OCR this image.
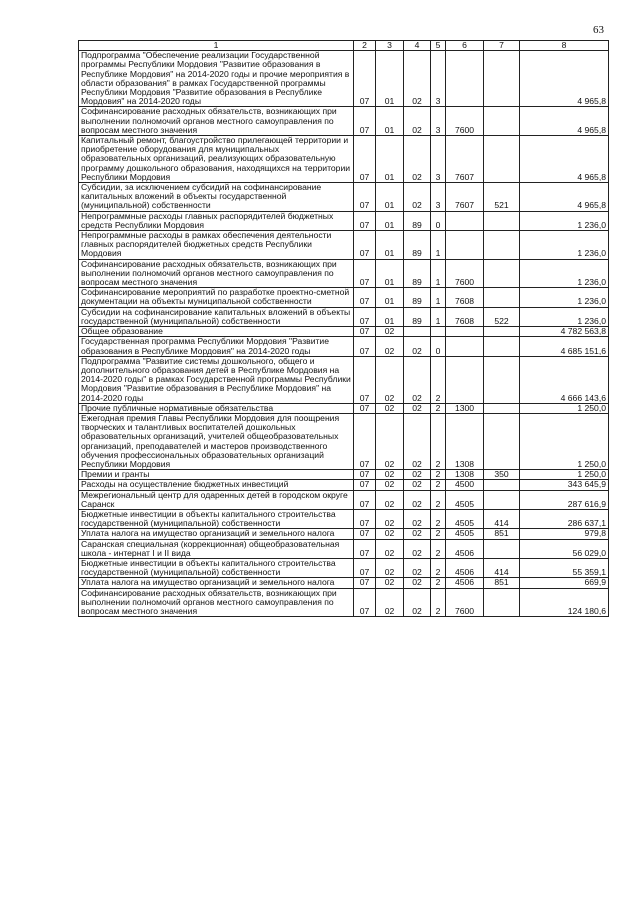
63
1	2	3	4	5	6	7	8
Подпрограмма "Обеспечение реализации Государственной программы Республики Мордовия "Развитие образования в Республике Мордовия" на 2014-2020 годы и прочие мероприятия в области образования" в рамках Государственной программы Республики Мордовия "Развитие образования в Республике Мордовия" на 2014-2020 годы	07	01	02	3			4 965,8
Софинансирование расходных обязательств, возникающих при выполнении полномочий органов местного самоуправления по вопросам местного значения	07	01	02	3	7600		4 965,8
Капитальный ремонт, благоустройство прилегающей территории и приобретение оборудования для муниципальных образовательных организаций, реализующих образовательную программу дошкольного образования, находящихся на территории Республики Мордовия	07	01	02	3	7607		4 965,8
Субсидии, за исключением субсидий на софинансирование капитальных вложений в объекты государственной (муниципальной) собственности	07	01	02	3	7607	521	4 965,8
Непрограммные расходы главных распорядителей бюджетных средств Республики Мордовия	07	01	89	0			1 236,0
Непрограммные расходы в рамках обеспечения деятельности главных распорядителей бюджетных средств Республики Мордовия	07	01	89	1			1 236,0
Софинансирование расходных обязательств, возникающих при выполнении полномочий органов местного самоуправления по вопросам местного значения	07	01	89	1	7600		1 236,0
Софинансирование мероприятий по разработке проектно-сметной документации на объекты муниципальной собственности	07	01	89	1	7608		1 236,0
Субсидии на софинансирование капитальных вложений в объекты государственной (муниципальной) собственности	07	01	89	1	7608	522	1 236,0
Общее образование	07	02					4 782 563,8
Государственная программа Республики Мордовия "Развитие образования в Республике Мордовия" на 2014-2020 годы	07	02	02	0			4 685 151,6
Подпрограмма "Развитие системы дошкольного, общего и дополнительного образования детей в Республике Мордовия на 2014-2020 годы" в рамках Государственной программы Республики Мордовия "Развитие образования в Республике Мордовия" на 2014-2020 годы	07	02	02	2			4 666 143,6
Прочие публичные нормативные обязательства	07	02	02	2	1300		1 250,0
Ежегодная премия Главы Республики Мордовия для поощрения творческих и талантливых воспитателей дошкольных образовательных организаций, учителей общеобразовательных организаций, преподавателей и мастеров производственного обучения профессиональных образовательных организаций Республики Мордовия	07	02	02	2	1308		1 250,0
Премии и гранты	07	02	02	2	1308	350	1 250,0
Расходы на осуществление бюджетных инвестиций	07	02	02	2	4500		343 645,9
Межрегиональный центр для одаренных детей в городском округе Саранск	07	02	02	2	4505		287 616,9
Бюджетные инвестиции в объекты капитального строительства государственной (муниципальной) собственности	07	02	02	2	4505	414	286 637,1
Уплата налога на имущество организаций и земельного налога	07	02	02	2	4505	851	979,8
Саранская специальная (коррекционная) общеобразовательная школа - интернат I и II вида	07	02	02	2	4506		56 029,0
Бюджетные инвестиции в объекты капитального строительства государственной (муниципальной) собственности	07	02	02	2	4506	414	55 359,1
Уплата налога на имущество организаций и земельного налога	07	02	02	2	4506	851	669,9
Софинансирование расходных обязательств, возникающих при выполнении полномочий органов местного самоуправления по вопросам местного значения	07	02	02	2	7600		124 180,6
